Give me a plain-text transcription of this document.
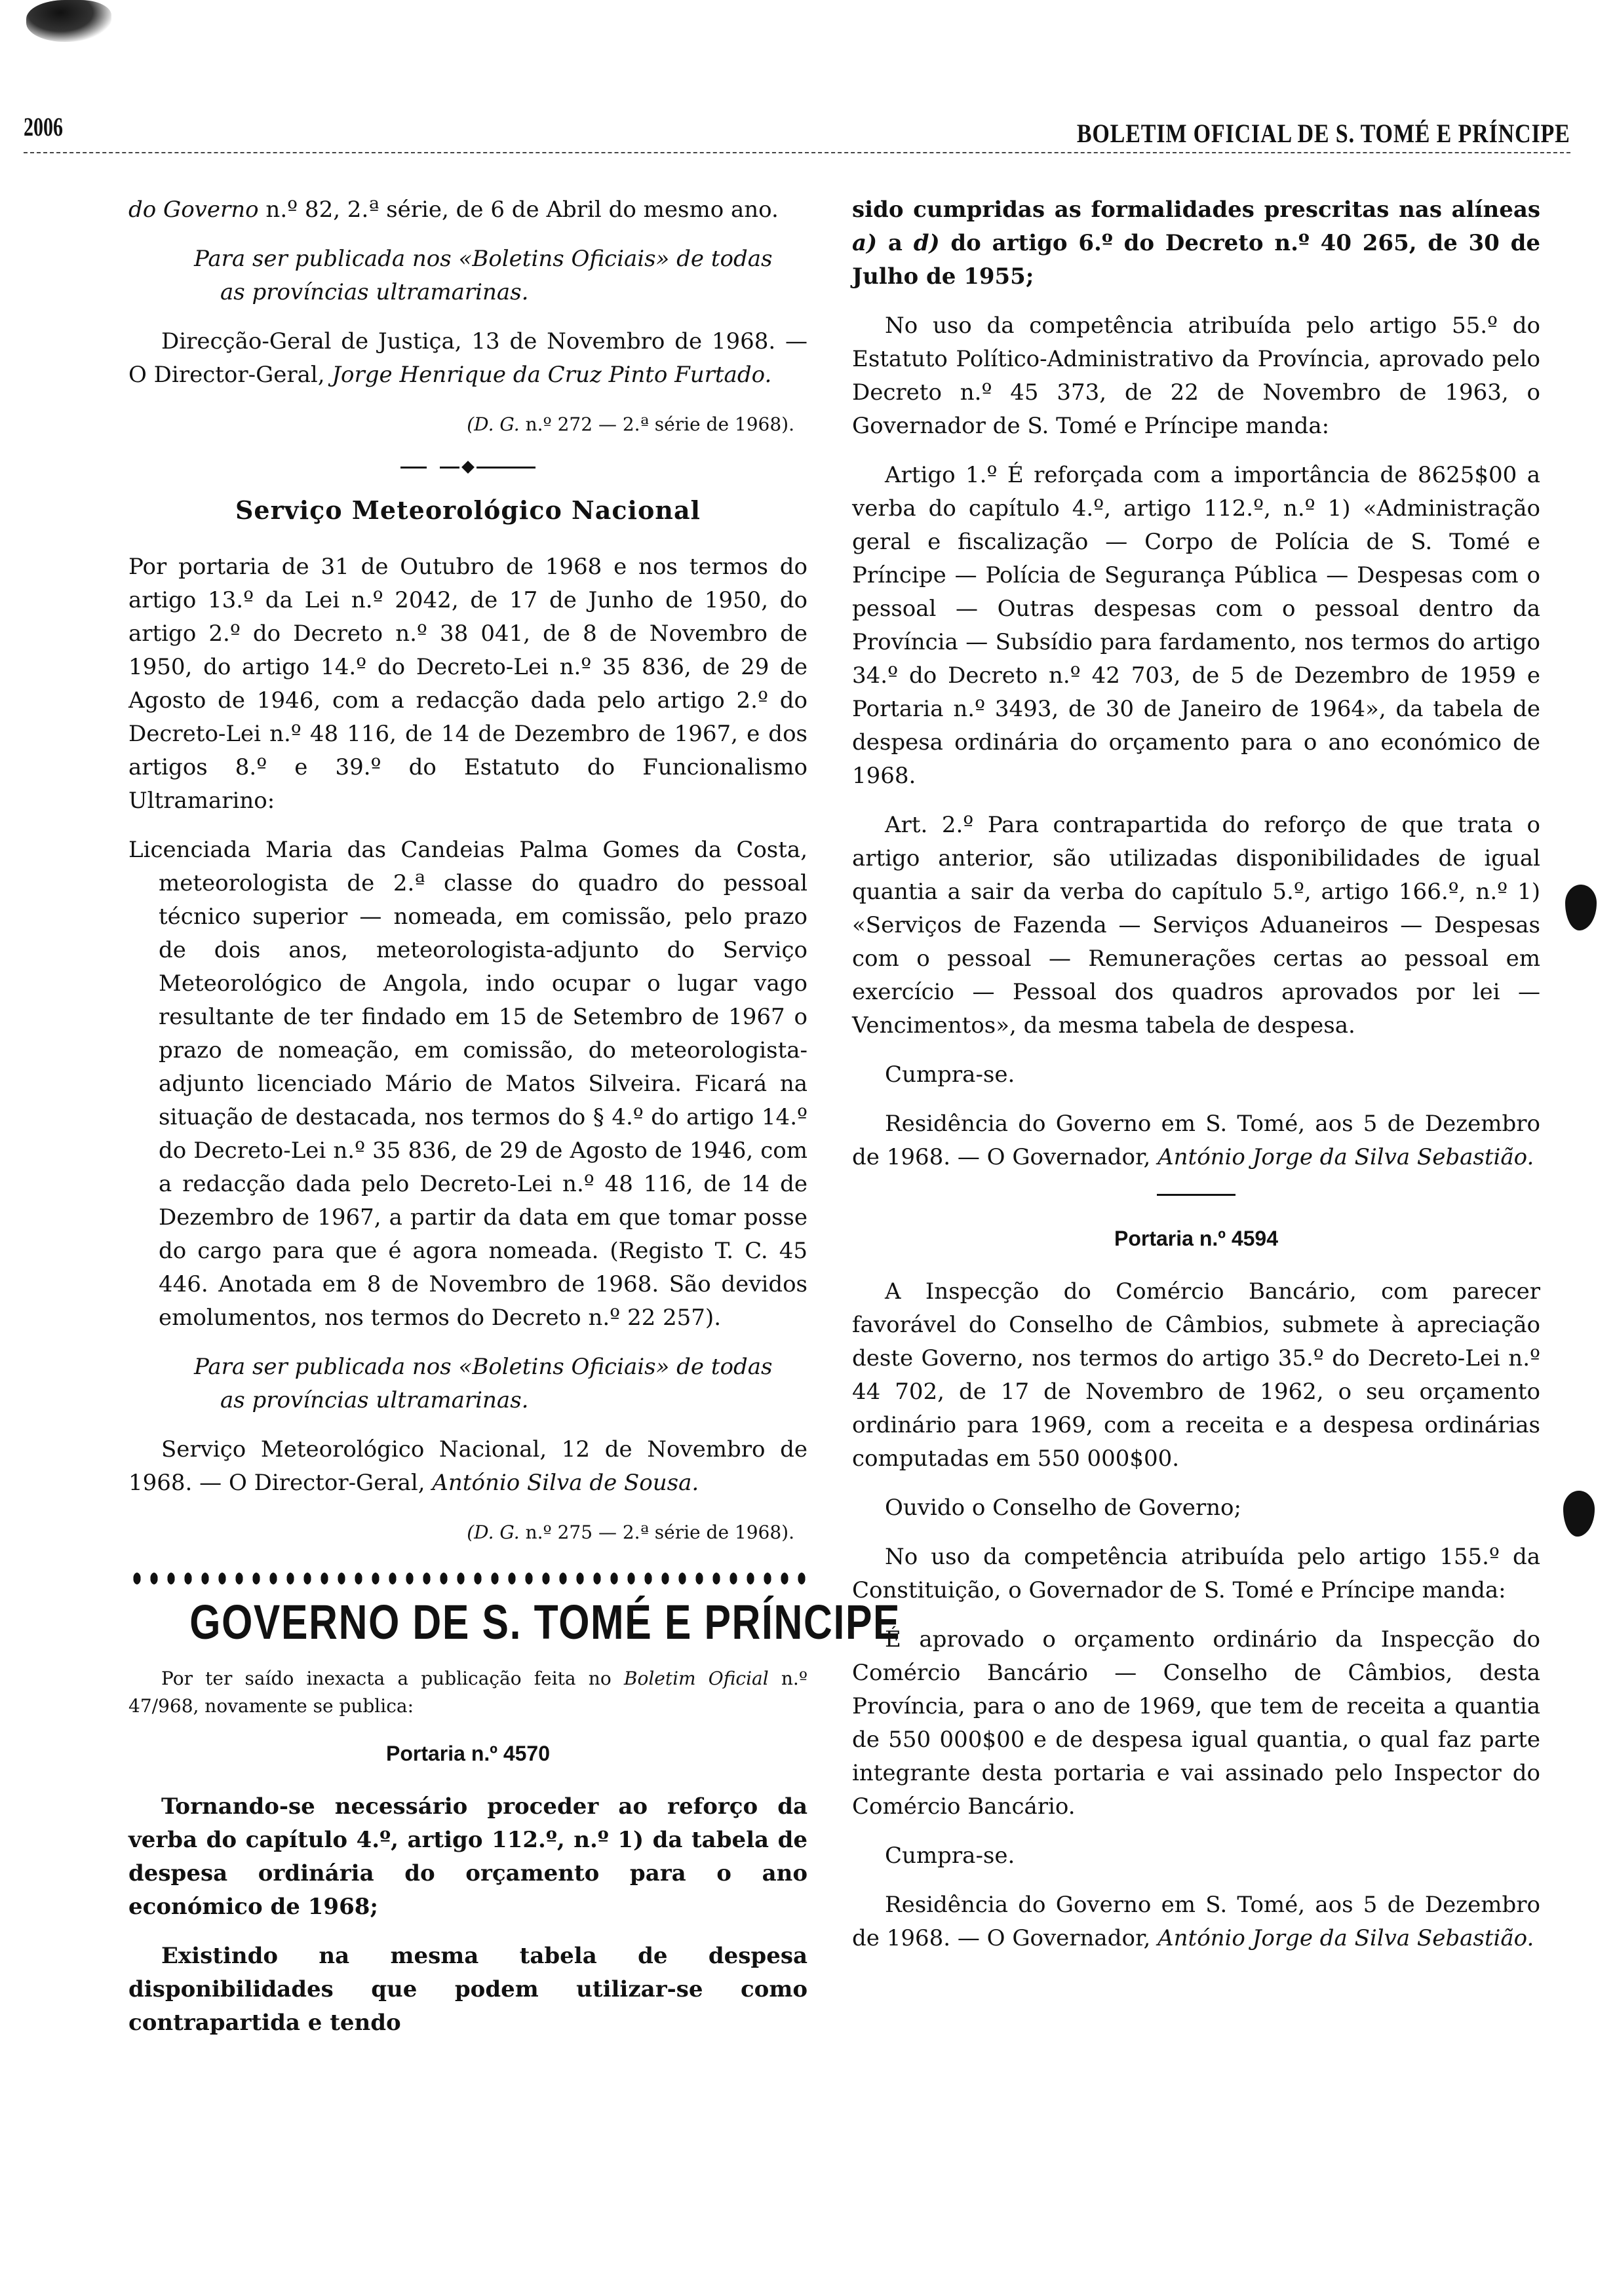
2006	BOLETIM OFICIAL DE S. TOMÉ E PRÍNCIPE

do Governo n.º 82, 2.ª série, de 6 de Abril do mesmo ano.

Para ser publicada nos «Boletins Oficiais» de todas
as províncias ultramarinas.

Direcção-Geral de Justiça, 13 de Novembro de 1968. — O Director-Geral, Jorge Henrique da Cruz Pinto Furtado.

(D. G. n.º 272 — 2.ª série de 1968).

Serviço Meteorológico Nacional

Por portaria de 31 de Outubro de 1968 e nos termos do artigo 13.º da Lei n.º 2042, de 17 de Junho de 1950, do artigo 2.º do Decreto n.º 38 041, de 8 de Novembro de 1950, do artigo 14.º do Decreto-Lei n.º 35 836, de 29 de Agosto de 1946, com a redacção dada pelo artigo 2.º do Decreto-Lei n.º 48 116, de 14 de Dezembro de 1967, e dos artigos 8.º e 39.º do Estatuto do Funcionalismo Ultramarino:

Licenciada Maria das Candeias Palma Gomes da Costa, meteorologista de 2.ª classe do quadro do pessoal técnico superior — nomeada, em comissão, pelo prazo de dois anos, meteorologista-adjunto do Serviço Meteorológico de Angola, indo ocupar o lugar vago resultante de ter findado em 15 de Setembro de 1967 o prazo de nomeação, em comissão, do meteorologista-adjunto licenciado Mário de Matos Silveira. Ficará na situação de destacada, nos termos do § 4.º do artigo 14.º do Decreto-Lei n.º 35 836, de 29 de Agosto de 1946, com a redacção dada pelo Decreto-Lei n.º 48 116, de 14 de Dezembro de 1967, a partir da data em que tomar posse do cargo para que é agora nomeada. (Registo T. C. 45 446. Anotada em 8 de Novembro de 1968. São devidos emolumentos, nos termos do Decreto n.º 22 257).

Para ser publicada nos «Boletins Oficiais» de todas
as províncias ultramarinas.

Serviço Meteorológico Nacional, 12 de Novembro de 1968. — O Director-Geral, António Silva de Sousa.

(D. G. n.º 275 — 2.ª série de 1968).

GOVERNO DE S. TOMÉ E PRÍNCIPE

Por ter saído inexacta a publicação feita no Boletim Oficial n.º 47/968, novamente se publica:

Portaria n.º 4570

Tornando-se necessário proceder ao reforço da verba do capítulo 4.º, artigo 112.º, n.º 1) da tabela de despesa ordinária do orçamento para o ano económico de 1968;

Existindo na mesma tabela de despesa disponibilidades que podem utilizar-se como contrapartida e tendo

sido cumpridas as formalidades prescritas nas alíneas a) a d) do artigo 6.º do Decreto n.º 40 265, de 30 de Julho de 1955;

No uso da competência atribuída pelo artigo 55.º do Estatuto Político-Administrativo da Província, aprovado pelo Decreto n.º 45 373, de 22 de Novembro de 1963, o Governador de S. Tomé e Príncipe manda:

Artigo 1.º É reforçada com a importância de 8625$00 a verba do capítulo 4.º, artigo 112.º, n.º 1) «Administração geral e fiscalização — Corpo de Polícia de S. Tomé e Príncipe — Polícia de Segurança Pública — Despesas com o pessoal — Outras despesas com o pessoal dentro da Província — Subsídio para fardamento, nos termos do artigo 34.º do Decreto n.º 42 703, de 5 de Dezembro de 1959 e Portaria n.º 3493, de 30 de Janeiro de 1964», da tabela de despesa ordinária do orçamento para o ano económico de 1968.

Art. 2.º Para contrapartida do reforço de que trata o artigo anterior, são utilizadas disponibilidades de igual quantia a sair da verba do capítulo 5.º, artigo 166.º, n.º 1) «Serviços de Fazenda — Serviços Aduaneiros — Despesas com o pessoal — Remunerações certas ao pessoal em exercício — Pessoal dos quadros aprovados por lei — Vencimentos», da mesma tabela de despesa.

Cumpra-se.

Residência do Governo em S. Tomé, aos 5 de Dezembro de 1968. — O Governador, António Jorge da Silva Sebastião.

Portaria n.º 4594

A Inspecção do Comércio Bancário, com parecer favorável do Conselho de Câmbios, submete à apreciação deste Governo, nos termos do artigo 35.º do Decreto-Lei n.º 44 702, de 17 de Novembro de 1962, o seu orçamento ordinário para 1969, com a receita e a despesa ordinárias computadas em 550 000$00.

Ouvido o Conselho de Governo;

No uso da competência atribuída pelo artigo 155.º da Constituição, o Governador de S. Tomé e Príncipe manda:

É aprovado o orçamento ordinário da Inspecção do Comércio Bancário — Conselho de Câmbios, desta Província, para o ano de 1969, que tem de receita a quantia de 550 000$00 e de despesa igual quantia, o qual faz parte integrante desta portaria e vai assinado pelo Inspector do Comércio Bancário.

Cumpra-se.

Residência do Governo em S. Tomé, aos 5 de Dezembro de 1968. — O Governador, António Jorge da Silva Sebastião.
